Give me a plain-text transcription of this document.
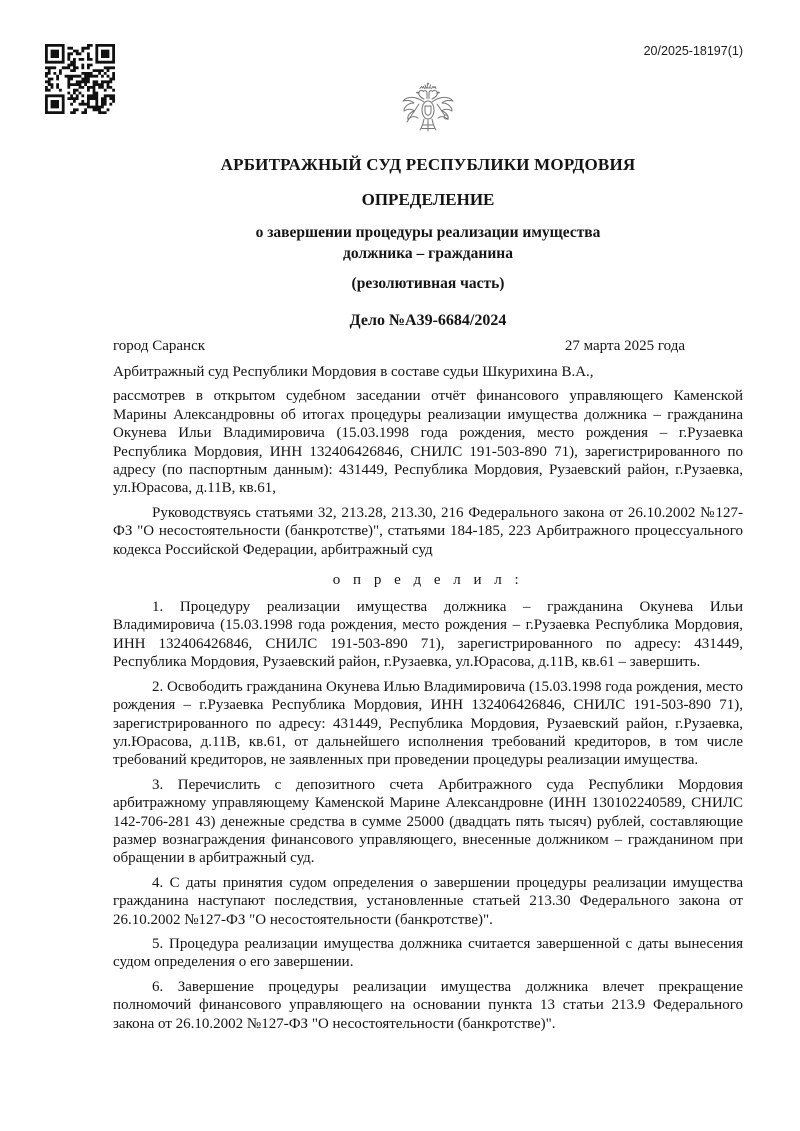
20/2025-18197(1)
АРБИТРАЖНЫЙ СУД РЕСПУБЛИКИ МОРДОВИЯ
ОПРЕДЕЛЕНИЕ
о завершении процедуры реализации имущества
должника – гражданина
(резолютивная часть)
Дело №А39-6684/2024
город Саранск	27 марта 2025 года

Арбитражный суд Республики Мордовия в составе судьи Шкурихина В.А.,

рассмотрев в открытом судебном заседании отчёт финансового управляющего Каменской Марины Александровны об итогах процедуры реализации имущества должника – гражданина Окунева Ильи Владимировича (15.03.1998 года рождения, место рождения – г.Рузаевка Республика Мордовия, ИНН 132406426846, СНИЛС 191-503-890 71), зарегистрированного по адресу (по паспортным данным): 431449, Республика Мордовия, Рузаевский район, г.Рузаевка, ул.Юрасова, д.11В, кв.61,

Руководствуясь статьями 32, 213.28, 213.30, 216 Федерального закона от 26.10.2002 №127-ФЗ "О несостоятельности (банкротстве)", статьями 184-185, 223 Арбитражного процессуального кодекса Российской Федерации, арбитражный суд

о п р е д е л и л :

1. Процедуру реализации имущества должника – гражданина Окунева Ильи Владимировича (15.03.1998 года рождения, место рождения – г.Рузаевка Республика Мордовия, ИНН 132406426846, СНИЛС 191-503-890 71), зарегистрированного по адресу: 431449, Республика Мордовия, Рузаевский район, г.Рузаевка, ул.Юрасова, д.11В, кв.61 – завершить.

2. Освободить гражданина Окунева Илью Владимировича (15.03.1998 года рождения, место рождения – г.Рузаевка Республика Мордовия, ИНН 132406426846, СНИЛС 191-503-890 71), зарегистрированного по адресу: 431449, Республика Мордовия, Рузаевский район, г.Рузаевка, ул.Юрасова, д.11В, кв.61, от дальнейшего исполнения требований кредиторов, в том числе требований кредиторов, не заявленных при проведении процедуры реализации имущества.

3. Перечислить с депозитного счета Арбитражного суда Республики Мордовия арбитражному управляющему Каменской Марине Александровне (ИНН 130102240589, СНИЛС 142-706-281 43) денежные средства в сумме 25000 (двадцать пять тысяч) рублей, составляющие размер вознаграждения финансового управляющего, внесенные должником – гражданином при обращении в арбитражный суд.

4. С даты принятия судом определения о завершении процедуры реализации имущества гражданина наступают последствия, установленные статьей 213.30 Федерального закона от 26.10.2002 №127-ФЗ "О несостоятельности (банкротстве)".

5. Процедура реализации имущества должника считается завершенной с даты вынесения судом определения о его завершении.

6. Завершение процедуры реализации имущества должника влечет прекращение полномочий финансового управляющего на основании пункта 13 статьи 213.9 Федерального закона от 26.10.2002 №127-ФЗ "О несостоятельности (банкротстве)".
